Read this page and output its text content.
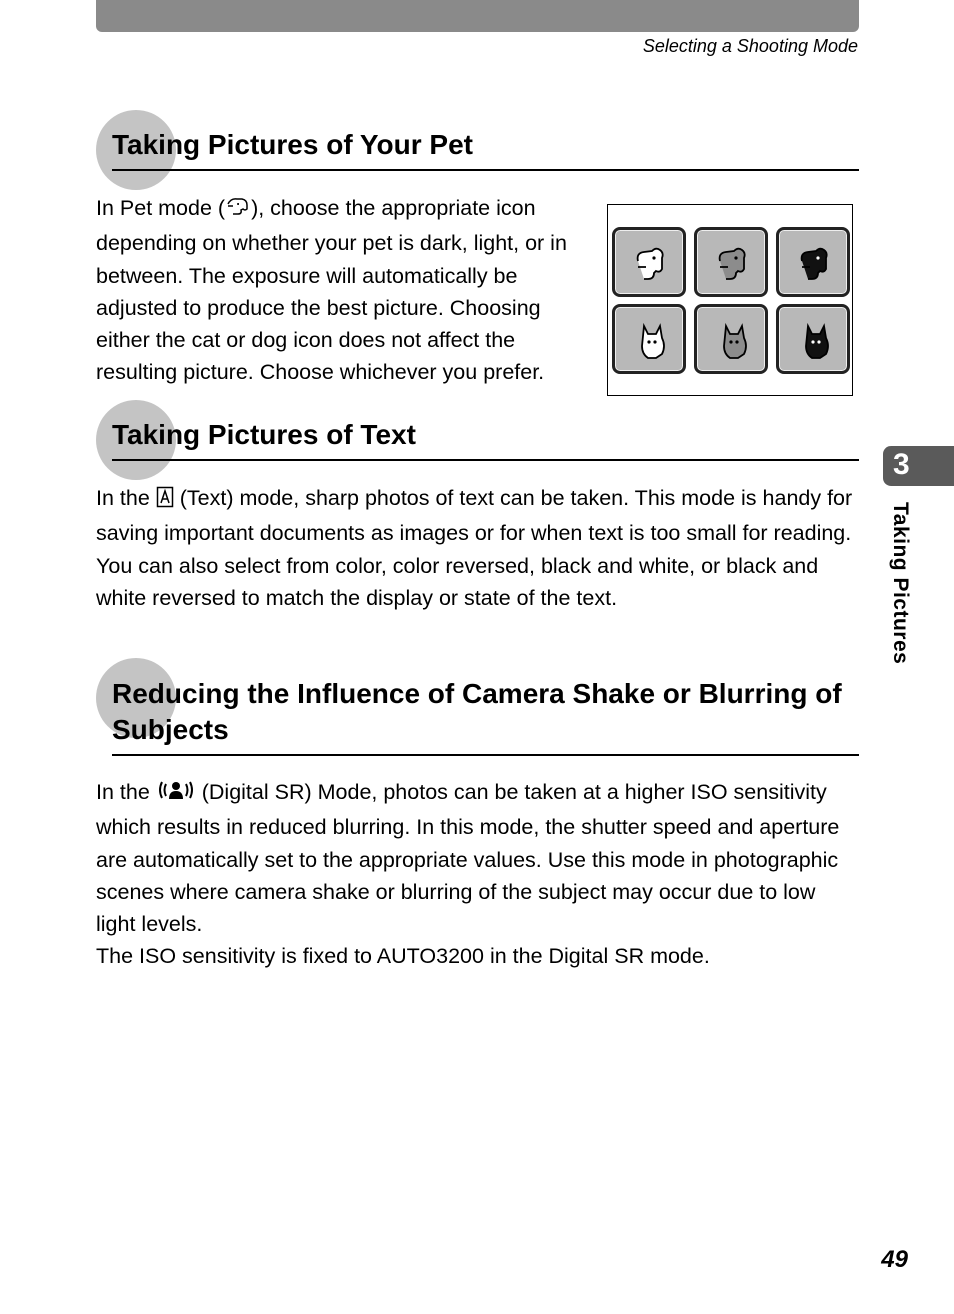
Selecting a Shooting Mode
Taking Pictures of Your Pet

In Pet mode ( ), choose the appropriate icon depending on whether your pet is dark, light, or in between. The exposure will automatically be adjusted to produce the best picture. Choosing either the cat or dog icon does not affect the resulting picture. Choose whichever you prefer.

Taking Pictures of Text

In the  (Text) mode, sharp photos of text can be taken. This mode is handy for saving important documents as images or for when text is too small for reading. You can also select from color, color reversed, black and white, or black and white reversed to match the display or state of the text.

Reducing the Influence of Camera Shake or Blurring of Subjects

In the  (Digital SR) Mode, photos can be taken at a higher ISO sensitivity which results in reduced blurring. In this mode, the shutter speed and aperture are automatically set to the appropriate values. Use this mode in photographic scenes where camera shake or blurring of the subject may occur due to low light levels.
The ISO sensitivity is fixed to AUTO3200 in the Digital SR mode.

3
Taking Pictures
49
